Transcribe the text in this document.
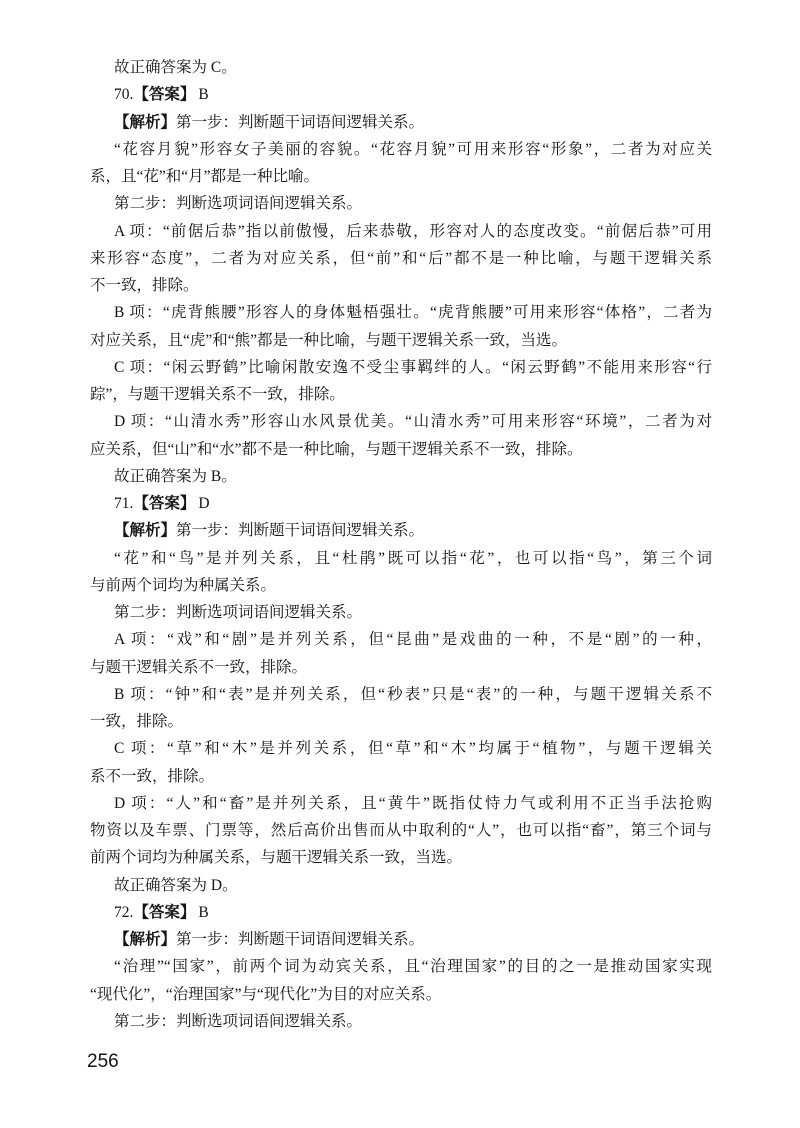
故正确答案为 C。
70.【答案】 B
【解析】第一步：判断题干词语间逻辑关系。
“花容月貌”形容女子美丽的容貌。“花容月貌”可用来形容“形象”，二者为对应关
系，且“花”和“月”都是一种比喻。
第二步：判断选项词语间逻辑关系。
A 项：“前倨后恭”指以前傲慢，后来恭敬，形容对人的态度改变。“前倨后恭”可用
来形容“态度”，二者为对应关系，但“前”和“后”都不是一种比喻，与题干逻辑关系
不一致，排除。
B 项：“虎背熊腰”形容人的身体魁梧强壮。“虎背熊腰”可用来形容“体格”，二者为
对应关系，且“虎”和“熊”都是一种比喻，与题干逻辑关系一致，当选。
C 项：“闲云野鹤”比喻闲散安逸不受尘事羁绊的人。“闲云野鹤”不能用来形容“行
踪”，与题干逻辑关系不一致，排除。
D 项：“山清水秀”形容山水风景优美。“山清水秀”可用来形容“环境”，二者为对
应关系，但“山”和“水”都不是一种比喻，与题干逻辑关系不一致，排除。
故正确答案为 B。
71.【答案】 D
【解析】第一步：判断题干词语间逻辑关系。
“花”和“鸟”是并列关系，且“杜鹃”既可以指“花”，也可以指“鸟”，第三个词
与前两个词均为种属关系。
第二步：判断选项词语间逻辑关系。
A 项：“戏”和“剧”是并列关系，但“昆曲”是戏曲的一种，不是“剧”的一种，
与题干逻辑关系不一致，排除。
B 项：“钟”和“表”是并列关系，但“秒表”只是“表”的一种，与题干逻辑关系不
一致，排除。
C 项：“草”和“木”是并列关系，但“草”和“木”均属于“植物”，与题干逻辑关
系不一致，排除。
D 项：“人”和“畜”是并列关系，且“黄牛”既指仗恃力气或利用不正当手法抢购
物资以及车票、门票等，然后高价出售而从中取利的“人”，也可以指“畜”，第三个词与
前两个词均为种属关系，与题干逻辑关系一致，当选。
故正确答案为 D。
72.【答案】 B
【解析】第一步：判断题干词语间逻辑关系。
“治理”“国家”，前两个词为动宾关系，且“治理国家”的目的之一是推动国家实现
“现代化”，“治理国家”与“现代化”为目的对应关系。
第二步：判断选项词语间逻辑关系。
256
